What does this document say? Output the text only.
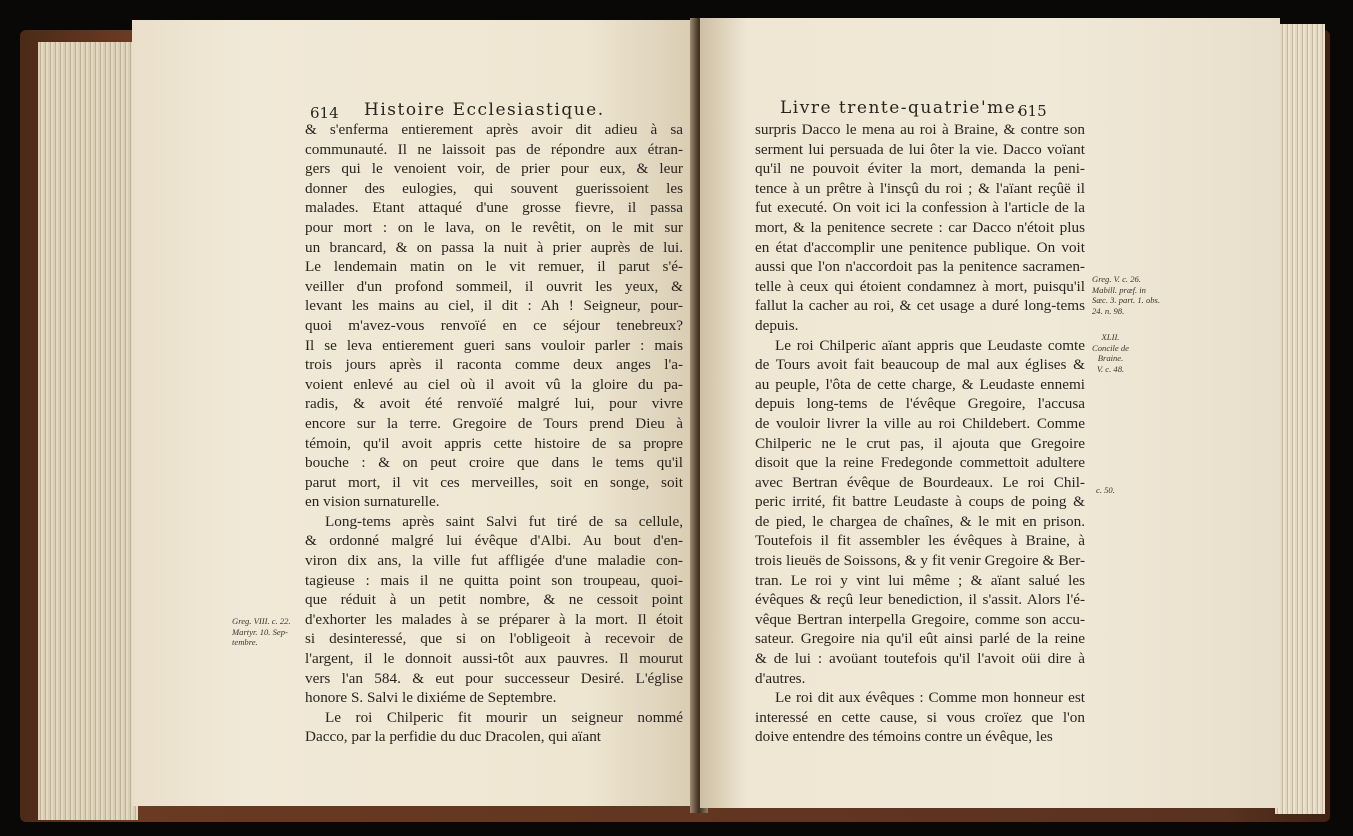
614 Histoire Ecclesiastique.
& s'enferma entierement après avoir dit adieu à sa
communauté. Il ne laissoit pas de répondre aux étran-
gers qui le venoient voir, de prier pour eux, & leur
donner des eulogies, qui souvent guerissoient les
malades. Etant attaqué d'une grosse fievre, il passa
pour mort : on le lava, on le revêtit, on le mit sur
un brancard, & on passa la nuit à prier auprès de lui.
Le lendemain matin on le vit remuer, il parut s'é-
veiller d'un profond sommeil, il ouvrit les yeux, &
levant les mains au ciel, il dit : Ah ! Seigneur, pour-
quoi m'avez-vous renvoïé en ce séjour tenebreux?
Il se leva entierement gueri sans vouloir parler : mais
trois jours après il raconta comme deux anges l'a-
voient enlevé au ciel où il avoit vû la gloire du pa-
radis, & avoit été renvoïé malgré lui, pour vivre
encore sur la terre. Gregoire de Tours prend Dieu à
témoin, qu'il avoit appris cette histoire de sa propre
bouche : & on peut croire que dans le tems qu'il
parut mort, il vit ces merveilles, soit en songe, soit
en vision surnaturelle.
Long-tems après saint Salvi fut tiré de sa cellule,
& ordonné malgré lui évêque d'Albi. Au bout d'en-
viron dix ans, la ville fut affligée d'une maladie con-
tagieuse : mais il ne quitta point son troupeau, quoi-
que réduit à un petit nombre, & ne cessoit point
d'exhorter les malades à se préparer à la mort. Il étoit
si desinteressé, que si on l'obligeoit à recevoir de
l'argent, il le donnoit aussi-tôt aux pauvres. Il mourut
vers l'an 584. & eut pour successeur Desiré. L'église
honore S. Salvi le dixiéme de Septembre.
Le roi Chilperic fit mourir un seigneur nommé
Dacco, par la perfidie du duc Dracolen, qui aïant
Greg. VIII. c. 22.
Martyr. 10. Sep-
tembre.
Livre trente-quatrie'me.
615
surpris Dacco le mena au roi à Braine, & contre son
serment lui persuada de lui ôter la vie. Dacco voïant
qu'il ne pouvoit éviter la mort, demanda la peni-
tence à un prêtre à l'insçû du roi ; & l'aïant reçûë il
fut executé. On voit ici la confession à l'article de la
mort, & la penitence secrete : car Dacco n'étoit plus
en état d'accomplir une penitence publique. On voit
aussi que l'on n'accordoit pas la penitence sacramen-
telle à ceux qui étoient condamnez à mort, puisqu'il
fallut la cacher au roi, & cet usage a duré long-tems
depuis.
Le roi Chilperic aïant appris que Leudaste comte
de Tours avoit fait beaucoup de mal aux églises &
au peuple, l'ôta de cette charge, & Leudaste ennemi
depuis long-tems de l'évêque Gregoire, l'accusa
de vouloir livrer la ville au roi Childebert. Comme
Chilperic ne le crut pas, il ajouta que Gregoire
disoit que la reine Fredegonde commettoit adultere
avec Bertran évêque de Bourdeaux. Le roi Chil-
peric irrité, fit battre Leudaste à coups de poing &
de pied, le chargea de chaînes, & le mit en prison.
Toutefois il fit assembler les évêques à Braine, à
trois lieuës de Soissons, & y fit venir Gregoire & Ber-
tran. Le roi y vint lui même ; & aïant salué les
évêques & reçû leur benediction, il s'assit. Alors l'é-
vêque Bertran interpella Gregoire, comme son accu-
sateur. Gregoire nia qu'il eût ainsi parlé de la reine
& de lui : avoüant toutefois qu'il l'avoit oüi dire à
d'autres.
Le roi dit aux évêques : Comme mon honneur est
interessé en cette cause, si vous croïez que l'on
doive entendre des témoins contre un évêque, les
Greg. V. c. 26.
Mabill. præf. in
Sæc. 3. part. 1. obs.
24. n. 98.
XLII.
Concile de
Braine.
V. c. 48.
c. 50.
